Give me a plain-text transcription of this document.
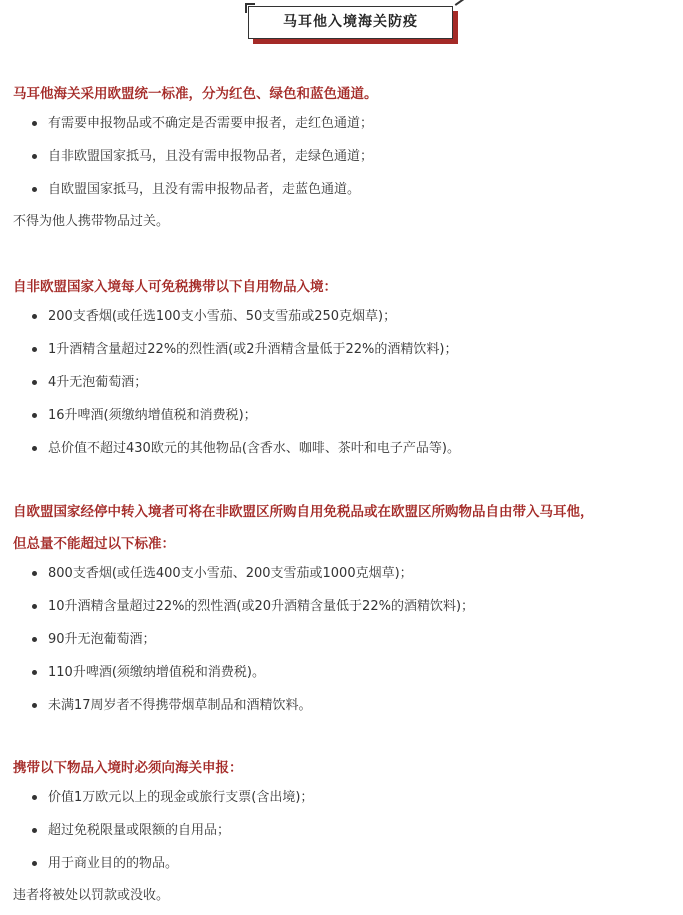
马耳他入境海关防疫

马耳他海关采用欧盟统一标准，分为红色、绿色和蓝色通道。

有需要申报物品或不确定是否需要申报者，走红色通道；
自非欧盟国家抵马，且没有需申报物品者，走绿色通道；
自欧盟国家抵马，且没有需申报物品者，走蓝色通道。

不得为他人携带物品过关。

自非欧盟国家入境每人可免税携带以下自用物品入境：

200支香烟(或任选100支小雪茄、50支雪茄或250克烟草)；
1升酒精含量超过22%的烈性酒(或2升酒精含量低于22%的酒精饮料)；
4升无泡葡萄酒；
16升啤酒(须缴纳增值税和消费税)；
总价值不超过430欧元的其他物品(含香水、咖啡、茶叶和电子产品等)。

自欧盟国家经停中转入境者可将在非欧盟区所购自用免税品或在欧盟区所购物品自由带入马耳他，
但总量不能超过以下标准：

800支香烟(或任选400支小雪茄、200支雪茄或1000克烟草)；
10升酒精含量超过22%的烈性酒(或20升酒精含量低于22%的酒精饮料)；
90升无泡葡萄酒；
110升啤酒(须缴纳增值税和消费税)。
未满17周岁者不得携带烟草制品和酒精饮料。

携带以下物品入境时必须向海关申报：

价值1万欧元以上的现金或旅行支票(含出境)；
超过免税限量或限额的自用品；
用于商业目的的物品。

违者将被处以罚款或没收。
